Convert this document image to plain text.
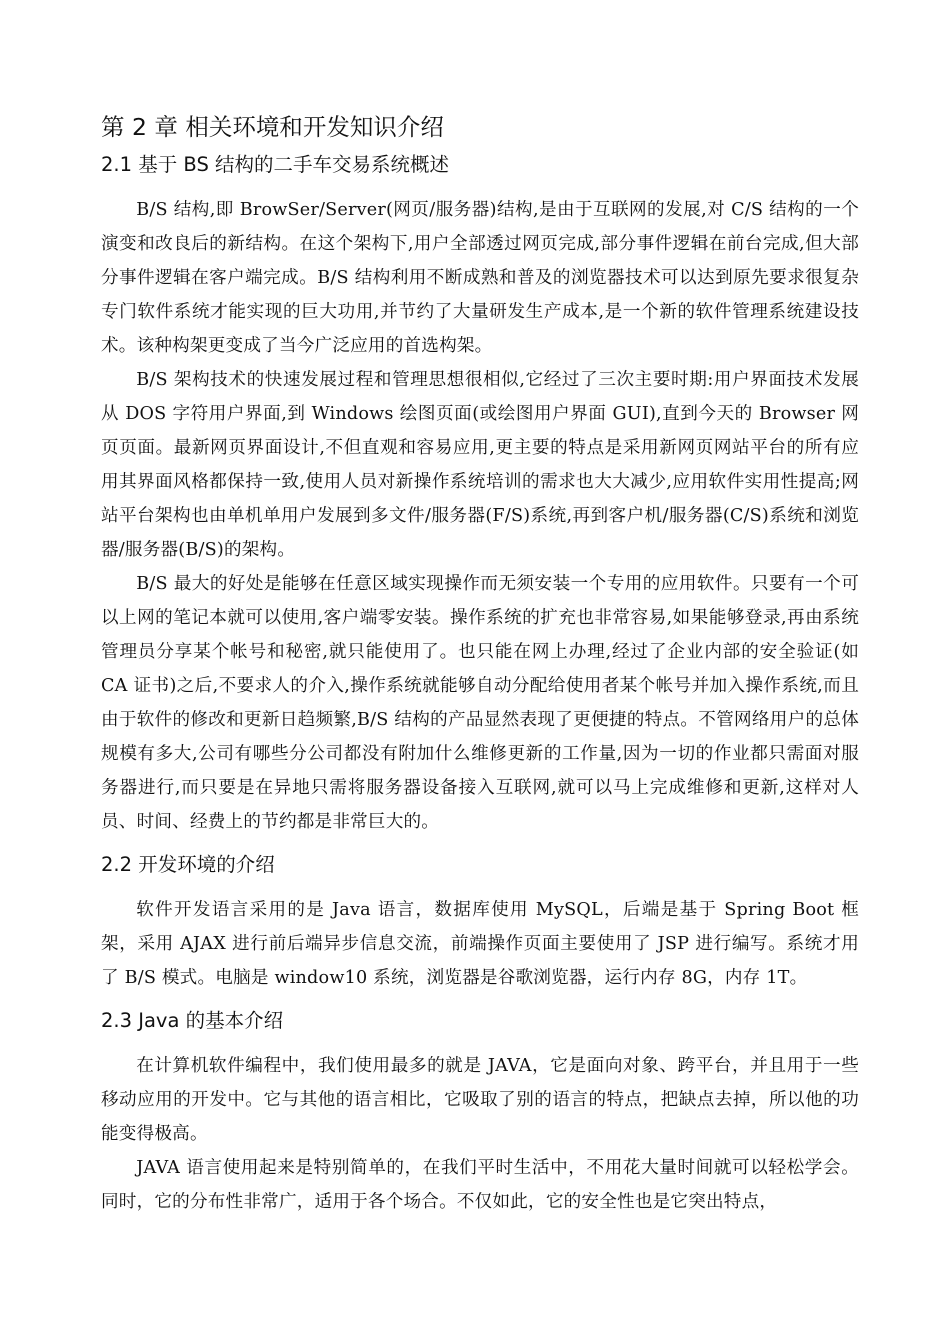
第 2 章 相关环境和开发知识介绍
2.1 基于 BS 结构的二手车交易系统概述

B/S 结构,即 BrowSer/Server(网页/服务器)结构,是由于互联网的发展,对 C/S 结构的一个演变和改良后的新结构。在这个架构下,用户全部透过网页完成,部分事件逻辑在前台完成,但大部分事件逻辑在客户端完成。B/S 结构利用不断成熟和普及的浏览器技术可以达到原先要求很复杂专门软件系统才能实现的巨大功用,并节约了大量研发生产成本,是一个新的软件管理系统建设技术。该种构架更变成了当今广泛应用的首选构架。

B/S 架构技术的快速发展过程和管理思想很相似,它经过了三次主要时期:用户界面技术发展从 DOS 字符用户界面,到 Windows 绘图页面(或绘图用户界面 GUI),直到今天的 Browser 网页页面。最新网页界面设计,不但直观和容易应用,更主要的特点是采用新网页网站平台的所有应用其界面风格都保持一致,使用人员对新操作系统培训的需求也大大减少,应用软件实用性提高;网站平台架构也由单机单用户发展到多文件/服务器(F/S)系统,再到客户机/服务器(C/S)系统和浏览器/服务器(B/S)的架构。

B/S 最大的好处是能够在任意区域实现操作而无须安装一个专用的应用软件。只要有一个可以上网的笔记本就可以使用,客户端零安装。操作系统的扩充也非常容易,如果能够登录,再由系统管理员分享某个帐号和秘密,就只能使用了。也只能在网上办理,经过了企业内部的安全验证(如 CA 证书)之后,不要求人的介入,操作系统就能够自动分配给使用者某个帐号并加入操作系统,而且由于软件的修改和更新日趋频繁,B/S 结构的产品显然表现了更便捷的特点。不管网络用户的总体规模有多大,公司有哪些分公司都没有附加什么维修更新的工作量,因为一切的作业都只需面对服务器进行,而只要是在异地只需将服务器设备接入互联网,就可以马上完成维修和更新,这样对人员、时间、经费上的节约都是非常巨大的。

2.2 开发环境的介绍

软件开发语言采用的是 Java 语言，数据库使用 MySQL，后端是基于 Spring Boot 框架，采用 AJAX 进行前后端异步信息交流，前端操作页面主要使用了 JSP 进行编写。系统才用了 B/S 模式。电脑是 window10 系统，浏览器是谷歌浏览器，运行内存 8G，内存 1T。

2.3 Java 的基本介绍

在计算机软件编程中，我们使用最多的就是 JAVA，它是面向对象、跨平台，并且用于一些移动应用的开发中。它与其他的语言相比，它吸取了别的语言的特点，把缺点去掉，所以他的功能变得极高。

JAVA 语言使用起来是特别简单的，在我们平时生活中，不用花大量时间就可以轻松学会。同时，它的分布性非常广，适用于各个场合。不仅如此，它的安全性也是它突出特点，
